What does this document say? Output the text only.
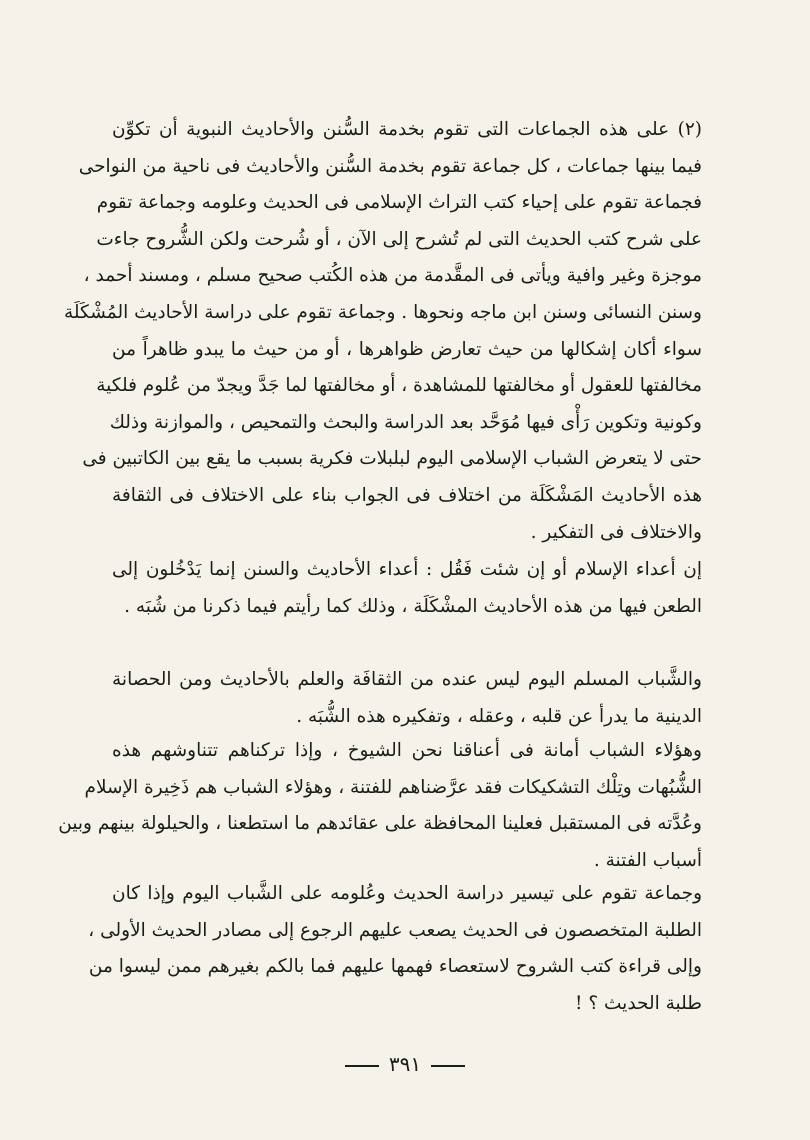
(٢) على هذه الجماعات التى تقوم بخدمة السُّنن والأحاديث النبوية أن تكوِّن
فيما بينها جماعات ، كل جماعة تقوم بخدمة السُّنن والأحاديث فى ناحية من النواحى
فجماعة تقوم على إحياء كتب التراث الإسلامى فى الحديث وعلومه وجماعة تقوم
على شرح كتب الحديث التى لم تُشرح إلى الآن ، أو شُرحت ولكن الشُّروح جاءت
موجزة وغير وافية ويأتى فى المقَّدمة من هذه الكُتب صحيح مسلم ، ومسند أحمد ،
وسنن النسائى وسنن ابن ماجه ونحوها . وجماعة تقوم على دراسة الأحاديث المُشْكَلَة
سواء أكان إشكالها من حيث تعارض ظواهرها ، أو من حيث ما يبدو ظاهراً من
مخالفتها للعقول أو مخالفتها للمشاهدة ، أو مخالفتها لما جَدَّ ويجدّ من عُلوم فلكية
وكونية وتكوين رَأْى فيها مُوَحَّد بعد الدراسة والبحث والتمحيص ، والموازنة وذلك
حتى لا يتعرض الشباب الإسلامى اليوم لبلبلات فكرية بسبب ما يقع بين الكاتبين فى
هذه الأحاديث المَشْكَلَة من اختلاف فى الجواب بناء على الاختلاف فى الثقافة
والاختلاف فى التفكير .

إن أعداء الإسلام أو إن شئت فَقُل : أعداء الأحاديث والسنن إنما يَدْخُلون إلى
الطعن فيها من هذه الأحاديث المشْكَلَة ، وذلك كما رأيتم فيما ذكرنا من شُبَه .

والشَّباب المسلم اليوم ليس عنده من الثقافَة والعلم بالأحاديث ومن الحصانة
الدينية ما يدرأ عن قلبه ، وعقله ، وتفكيره هذه الشُّبَه .

وهؤلاء الشباب أمانة فى أعناقنا نحن الشيوخ ، وإذا تركناهم تتناوشهم هذه
الشُّبُهات وتِلْك التشكيكات فقد عرَّضناهم للفتنة ، وهؤلاء الشباب هم ذَخِيرة الإسلام
وعُدَّته فى المستقبل فعلينا المحافظة على عقائدهم ما استطعنا ، والحيلولة بينهم وبين
أسباب الفتنة .

وجماعة تقوم على تيسير دراسة الحديث وعُلومه على الشَّباب اليوم وإذا كان
الطلبة المتخصصون فى الحديث يصعب عليهم الرجوع إلى مصادر الحديث الأولى ،
وإلى قراءة كتب الشروح لاستعصاء فهمها عليهم فما بالكم بغيرهم ممن ليسوا من
طلبة الحديث ؟ !

٣٩١
